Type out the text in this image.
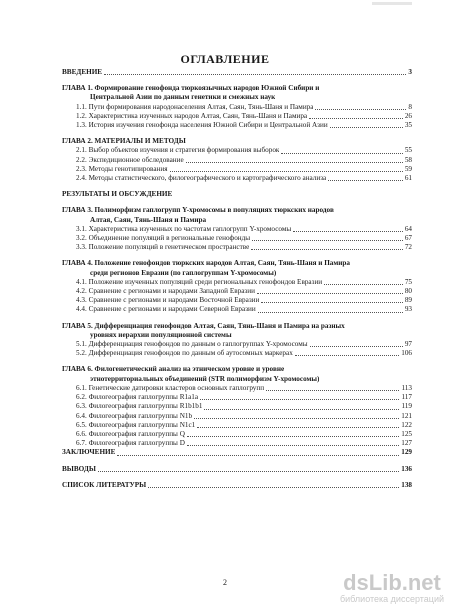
ОГЛАВЛЕНИЕ
ВВЕДЕНИЕ	3
ГЛАВА 1. Формирование генофонда тюркоязычных народов Южной Сибири и
Центральной Азии по данным генетики и смежных наук
1.1. Пути формирования народонаселения Алтая, Саян, Тянь-Шаня и Памира	8
1.2. Характеристика изученных народов Алтая, Саян, Тянь-Шаня и Памира	26
1.3. История изучения генофонда населения Южной Сибири и Центральной Азии	35
ГЛАВА 2. МАТЕРИАЛЫ И МЕТОДЫ
2.1. Выбор объектов изучения и стратегия формирования выборок	55
2.2. Экспедиционное обследование	58
2.3. Методы генотипирования	59
2.4. Методы статистического, филогеографического и картографического анализа	61
РЕЗУЛЬТАТЫ И ОБСУЖДЕНИЕ
ГЛАВА 3. Полиморфизм гаплогрупп Y-хромосомы в популяциях тюркских народов
Алтая, Саян, Тянь-Шаня и Памира
3.1. Характеристика изученных по частотам гаплогрупп Y-хромосомы	64
3.2. Объединение популяций в региональные генофонды	67
3.3. Положение популяций в генетическом пространстве	72
ГЛАВА 4. Положение генофондов тюркских народов Алтая, Саян, Тянь-Шаня и Памира
среди регионов Евразии (по гаплогруппам Y-хромосомы)
4.1. Положение изученных популяций среди региональных генофондов Евразии	75
4.2. Сравнение с регионами и народами Западной Евразии	80
4.3. Сравнение с регионами и народами Восточной Евразии	89
4.4. Сравнение с регионами и народами Северной Евразии	93
ГЛАВА 5. Дифференциация генофондов Алтая, Саян, Тянь-Шаня и Памира на разных
уровнях иерархии популяционной системы
5.1. Дифференциация генофондов по данным о гаплогруппах Y-хромосомы	97
5.2. Дифференциация генофондов по данным об аутосомных маркерах	106
ГЛАВА 6. Филогенетический анализ на этническом уровне и уровне
этнотерриториальных объединений (STR полиморфизм Y-хромосомы)
6.1. Генетические датировки кластеров основных гаплогрупп	113
6.2. Филогеография гаплогруппы R1a1a	117
6.3. Филогеография гаплогруппы R1b1b1	119
6.4. Филогеография гаплогруппы N1b	121
6.5. Филогеография гаплогруппы N1c1	122
6.6. Филогеография гаплогруппы Q	125
6.7. Филогеография гаплогруппы D	127
ЗАКЛЮЧЕНИЕ	129
ВЫВОДЫ	136
СПИСОК ЛИТЕРАТУРЫ	138
2	dsLib.net
библиотека диссертаций
